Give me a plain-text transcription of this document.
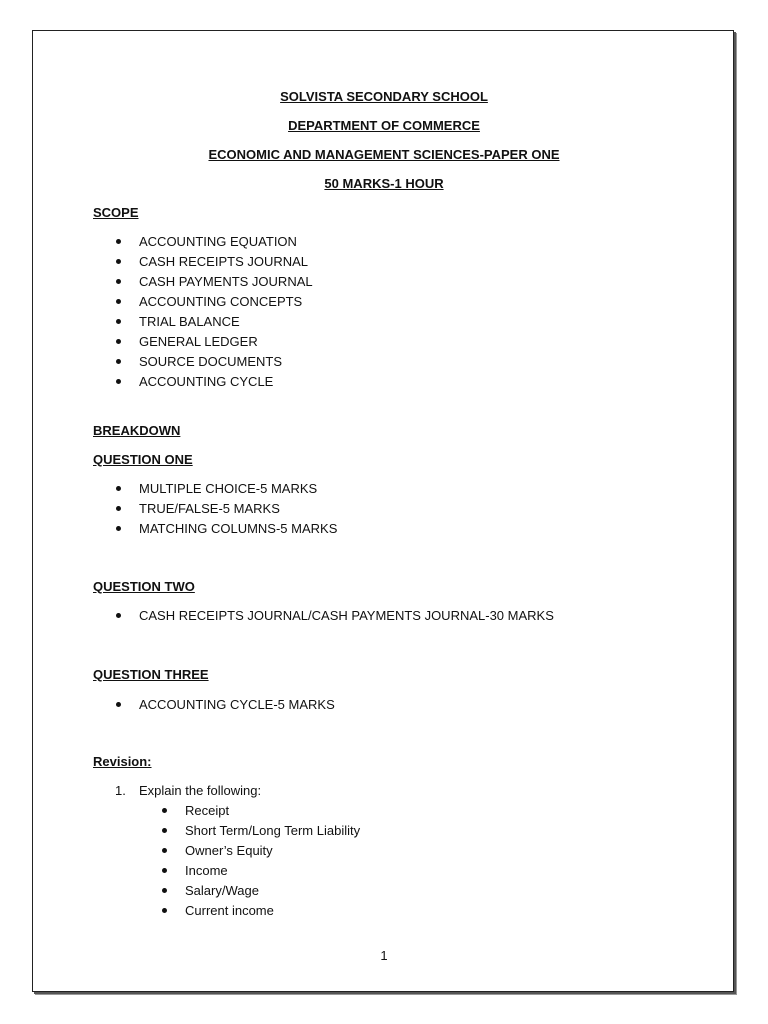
SOLVISTA SECONDARY SCHOOL
DEPARTMENT OF COMMERCE
ECONOMIC AND MANAGEMENT SCIENCES-PAPER ONE
50 MARKS-1 HOUR
SCOPE
ACCOUNTING EQUATION
CASH RECEIPTS JOURNAL
CASH PAYMENTS JOURNAL
ACCOUNTING CONCEPTS
TRIAL BALANCE
GENERAL LEDGER
SOURCE DOCUMENTS
ACCOUNTING CYCLE
BREAKDOWN
QUESTION ONE
MULTIPLE CHOICE-5 MARKS
TRUE/FALSE-5 MARKS
MATCHING COLUMNS-5 MARKS
QUESTION TWO
CASH RECEIPTS JOURNAL/CASH PAYMENTS JOURNAL-30 MARKS
QUESTION THREE
ACCOUNTING CYCLE-5 MARKS
Revision:
1. Explain the following:
Receipt
Short Term/Long Term Liability
Owner’s Equity
Income
Salary/Wage
Current income
1
